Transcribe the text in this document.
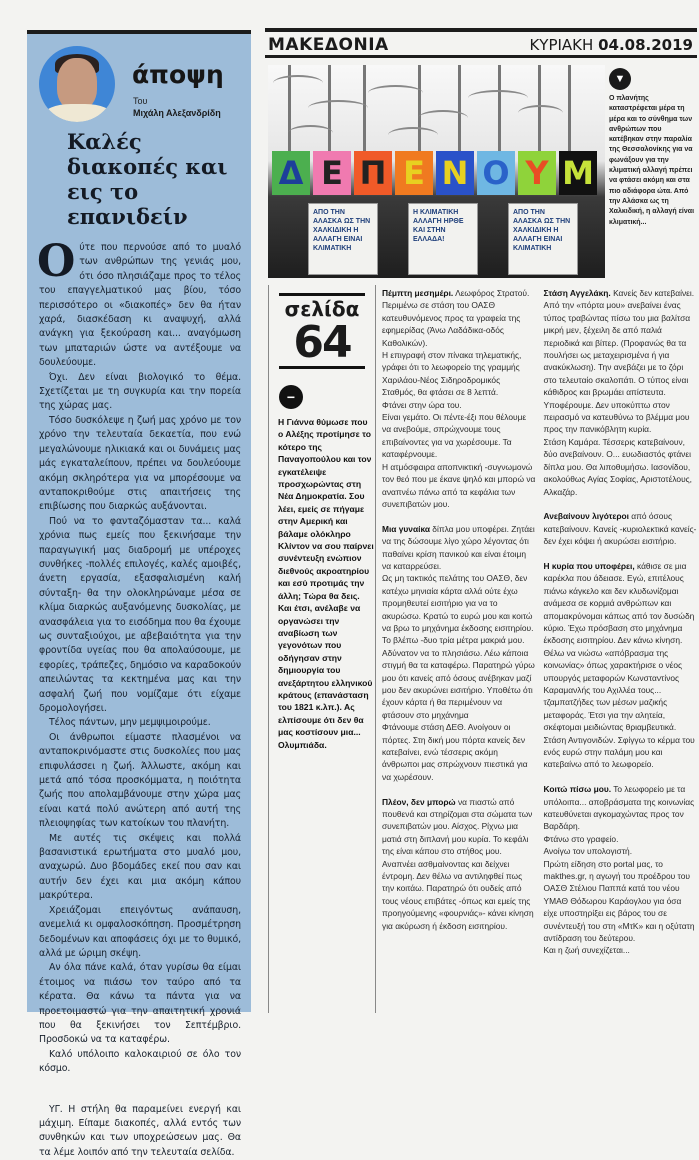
άποψη
Του
Μιχάλη Αλεξανδρίδη
Καλές διακοπές και εις το επανιδείν

Oύτε που περνούσε από το μυαλό των ανθρώπων της γενιάς μου, ότι όσο πλησιάζαμε προς το τέλος του επαγγελματικού μας βίου, τόσο περισσότερο οι «διακοπές» δεν θα ήταν χαρά, διασκέδαση κι αναψυχή, αλλά ανάγκη για ξεκούραση και... αναγόμωση των μπαταριών ώστε να αντέξουμε να δουλεύουμε.

Όχι. Δεν είναι βιολογικό το θέμα. Σχετίζεται με τη συγκυρία και την πορεία της χώρας μας.

Τόσο δυσκόλεψε η ζωή μας χρόνο με τον χρόνο την τελευταία δεκαετία, που ενώ μεγαλώνουμε ηλικιακά και οι δυνάμεις μας μάς εγκαταλείπουν, πρέπει να δουλεύουμε ακόμη σκληρότερα για να μπορέσουμε να ανταποκριθούμε στις απαιτήσεις της επιβίωσης που διαρκώς αυξάνονται.

Πού να το φανταζόμασταν τα... καλά χρόνια πως εμείς που ξεκινήσαμε την παραγωγική μας διαδρομή με υπέροχες συνθήκες -πολλές επιλογές, καλές αμοιβές, άνετη εργασία, εξασφαλισμένη καλή σύνταξη- θα την ολοκληρώναμε μέσα σε κλίμα διαρκώς αυξανόμενης δυσκολίας, με ανασφάλεια για το εισόδημα που θα έχουμε ως συνταξιούχοι, με αβεβαιότητα για την φροντίδα υγείας που θα απολαύσουμε, με εφορίες, τράπεζες, δημόσιο να καραδοκούν απειλώντας τα κεκτημένα μας και την ασφαλή ζωή που νομίζαμε ότι είχαμε δρομολογήσει.

Τέλος πάντων, μην μεμψιμοιρούμε.

Οι άνθρωποι είμαστε πλασμένοι να ανταποκρινόμαστε στις δυσκολίες που μας επιφυλάσσει η ζωή. Άλλωστε, ακόμη και μετά από τόσα προσκόμματα, η ποιότητα ζωής που απολαμβάνουμε στην χώρα μας είναι κατά πολύ ανώτερη από αυτή της πλειοψηφίας των κατοίκων του πλανήτη.

Με αυτές τις σκέψεις και πολλά βασανιστικά ερωτήματα στο μυαλό μου, αναχωρώ. Δυο βδομάδες εκεί που σαν και αυτήν δεν έχει και μια ακόμη κάπου μακρύτερα.

Χρειάζομαι επειγόντως ανάπαυση, ανεμελιά κι ομφαλοσκόπηση. Προσμέτρηση δεδομένων και αποφάσεις όχι με το θυμικό, αλλά με ώριμη σκέψη.

Αν όλα πάνε καλά, όταν γυρίσω θα είμαι έτοιμος να πιάσω τον ταύρο από τα κέρατα. Θα κάνω τα πάντα για να προετοιμαστώ για την απαιτητική χρονιά που θα ξεκινήσει τον Σεπτέμβριο. Προσδοκώ να τα καταφέρω.

Καλό υπόλοιπο καλοκαιριού σε όλο τον κόσμο.

ΥΓ. Η στήλη θα παραμείνει ενεργή και μάχιμη. Είπαμε διακοπές, αλλά εντός των συνθηκών και των υποχρεώσεων μας. Θα τα λέμε λοιπόν από την τελευταία σελίδα.

ΜΑΚΕΔΟΝΙΑ	ΚΥΡΙΑΚΗ 04.08.2019
Δ Ε Π Ε Ν Ο Υ Μ
ΑΠΟ ΤΗΝ ΑΛΑΣΚΑ ΩΣ ΤΗΝ ΧΑΛΚΙΔΙΚΗ Η ΑΛΛΑΓΗ ΕΙΝΑΙ ΚΛΙΜΑΤΙΚΗ
Η ΚΛΙΜΑΤΙΚΗ ΑΛΛΑΓΗ ΗΡΘΕ ΚΑΙ ΣΤΗΝ ΕΛΛΑΔΑ!
ΑΠΟ ΤΗΝ ΑΛΑΣΚΑ ΩΣ ΤΗΝ ΧΑΛΚΙΔΙΚΗ Η ΑΛΛΑΓΗ ΕΙΝΑΙ ΚΛΙΜΑΤΙΚΗ
▼
Ο πλανήτης καταστρέφεται μέρα τη μέρα και το σύνθημα των ανθρώπων που κατέβηκαν στην παραλία της Θεσσαλονίκης για να φωνάξουν για την κλιματική αλλαγή πρέπει να φτάσει ακόμη και στα πιο αδιάφορα ώτα. Από την Αλάσκα ως τη Χαλκιδική, η αλλαγή είναι κλιματική...
σελίδα
64
−
Η Γιάννα θύμωσε που ο Αλέξης προτίμησε το κότερο της Παναγοπούλου και τον εγκατέλειψε προσχωρώντας στη Νέα Δημοκρατία. Σου λέει, εμείς σε πήγαμε στην Αμερική και βάλαμε ολόκληρο Κλίντον να σου παίρνει συνέντευξη ενώπιον διεθνούς ακροατηρίου και εσύ προτιμάς την άλλη; Τώρα θα δεις. Και έτσι, ανέλαβε να οργανώσει την αναβίωση των γεγονότων που οδήγησαν στην δημιουργία του ανεξάρτητου ελληνικού κράτους (επανάσταση του 1821 κ.λπ.). Ας ελπίσουμε ότι δεν θα μας κοστίσουν μια... Ολυμπιάδα.

Πέμπτη μεσημέρι. Λεωφόρος Στρατού. Περιμένω σε στάση του ΟΑΣΘ κατευθυνόμενος προς τα γραφεία της εφημερίδας (Άνω Λαδάδικα-οδός Καθολικών).
Η επιγραφή στον πίνακα τηλεματικής, γράφει ότι το λεωφορείο της γραμμής Χαριλάου-Νέος Σιδηροδρομικός Σταθμός, θα φτάσει σε 8 λεπτά.
Φτάνει στην ώρα του.
Είναι γεμάτο. Οι πέντε-έξι που θέλουμε να ανεβούμε, σπρώχνουμε τους επιβαίνοντες για να χωρέσουμε. Τα καταφέρνουμε.
Η ατμόσφαιρα αποπνικτική -συγνωμονώ τον θεό που με έκανε ψηλό και μπορώ να αναπνέω πάνω από τα κεφάλια των συνεπιβατών μου.

Μια γυναίκα δίπλα μου υποφέρει. Ζητάει να της δώσουμε λίγο χώρο λέγοντας ότι παθαίνει κρίση πανικού και είναι έτοιμη να καταρρεύσει.
Ως μη τακτικός πελάτης του ΟΑΣΘ, δεν κατέχω μηνιαία κάρτα αλλά ούτε έχω προμηθευτεί εισιτήριο για να το ακυρώσω. Κρατώ το ευρώ μου και κοιτώ να βρω το μηχάνημα έκδοσης εισιτηρίου.
Το βλέπω -δυο τρία μέτρα μακριά μου. Αδύνατον να το πλησιάσω. Λέω κάποια στιγμή θα τα καταφέρω. Παρατηρώ γύρω μου ότι κανείς από όσους ανέβηκαν μαζί μου δεν ακυρώνει εισιτήριο. Υποθέτω ότι έχουν κάρτα ή θα περιμένουν να φτάσουν στο μηχάνημα
Φτάνουμε στάση ΔΕΘ. Ανοίγουν οι πόρτες. Στη δική μου πόρτα κανείς δεν κατεβαίνει, ενώ τέσσερις ακόμη άνθρωποι μας σπρώχνουν πιεστικά για να χωρέσουν.

Πλέον, δεν μπορώ να πιαστώ από πουθενά και στηρίζομαι στα σώματα των συνεπιβατών μου. Αίσχος. Ρίχνω μια ματιά στη διπλανή μου κυρία. Το κεφάλι της είναι κάπου στο στήθος μου. Αναπνέει ασθμαίνοντας και δείχνει έντρομη. Δεν θέλω να αντιληφθεί πως την κοιτάω. Παρατηρώ ότι ουδείς από τους νέους επιβάτες -όπως και εμείς της προηγούμενης «φουρνιάς»- κάνει κίνηση για ακύρωση ή έκδοση εισιτηρίου.

Στάση Αγγελάκη. Κανείς δεν κατεβαίνει. Από την «πόρτα μου» ανεβαίνει ένας τύπος τραβώντας πίσω του μια βαλίτσα μικρή μεν, ξέχειλη δε από παλιά περιοδικά και βίπερ. (Προφανώς θα τα πουλήσει ως μεταχειρισμένα ή για ανακύκλωση). Την ανεβάζει με το ζόρι στο τελευταίο σκαλοπάτι. Ο τύπος είναι κάθιδρος και βρωμάει απίστευτα. Υποφέρουμε. Δεν υποκύπτω στον πειρασμό να κατευθύνω το βλέμμα μου προς την πανικόβλητη κυρία.
Στάση Καμάρα. Τέσσερις κατεβαίνουν, δύο ανεβαίνουν. Ο... ευωδιαστός φτάνει δίπλα μου. Θα λιποθυμήσω. Ιασονίδου, ακολούθως Αγίας Σοφίας, Αριστοτέλους, Αλκαζάρ.

Ανεβαίνουν λιγότεροι από όσους κατεβαίνουν. Κανείς -κυριολεκτικά κανείς- δεν έχει κόψει ή ακυρώσει εισιτήριο.

Η κυρία που υποφέρει, κάθισε σε μια καρέκλα που άδειασε. Εγώ, επιτέλους πιάνω κάγκελο και δεν κλυδωνίζομαι ανάμεσα σε κορμιά ανθρώπων και απομακρύνομαι κάπως από τον δυσώδη κύριο. Έχω πρόσβαση στο μηχάνημα έκδοσης εισιτηρίου. Δεν κάνω κίνηση. Θέλω να νιώσω «απόβρασμα της κοινωνίας» όπως χαρακτήρισε ο νέος υπουργός μεταφορών Κωνσταντίνος Καραμανλής του Αχιλλέα τους... τζαμπατζήδες των μέσων μαζικής μεταφοράς. Έτσι για την αλητεία, σκέφτομαι μειδιώντας θριαμβευτικά.
Στάση Αντιγονιδών. Σφίγγω το κέρμα του ενός ευρώ στην παλάμη μου και κατεβαίνω από το λεωφορείο.

Κοιτώ πίσω μου. Το λεωφορείο με τα υπόλοιπα... αποβράσματα της κοινωνίας κατευθύνεται αγκομαχώντας προς τον Βαρδάρη.
Φτάνω στο γραφείο.
Ανοίγω τον υπολογιστή.
Πρώτη είδηση στο portal μας, το makthes.gr, η αγωγή του προέδρου του ΟΑΣΘ Στέλιου Παππά κατά του νέου ΥΜΑΘ Θόδωρου Καράογλου για όσα είχε υποστηρίξει εις βάρος του σε συνέντευξή του στη «ΜτΚ» και η οξύτατη αντίδραση του δεύτερου.
Και η ζωή συνεχίζεται...
